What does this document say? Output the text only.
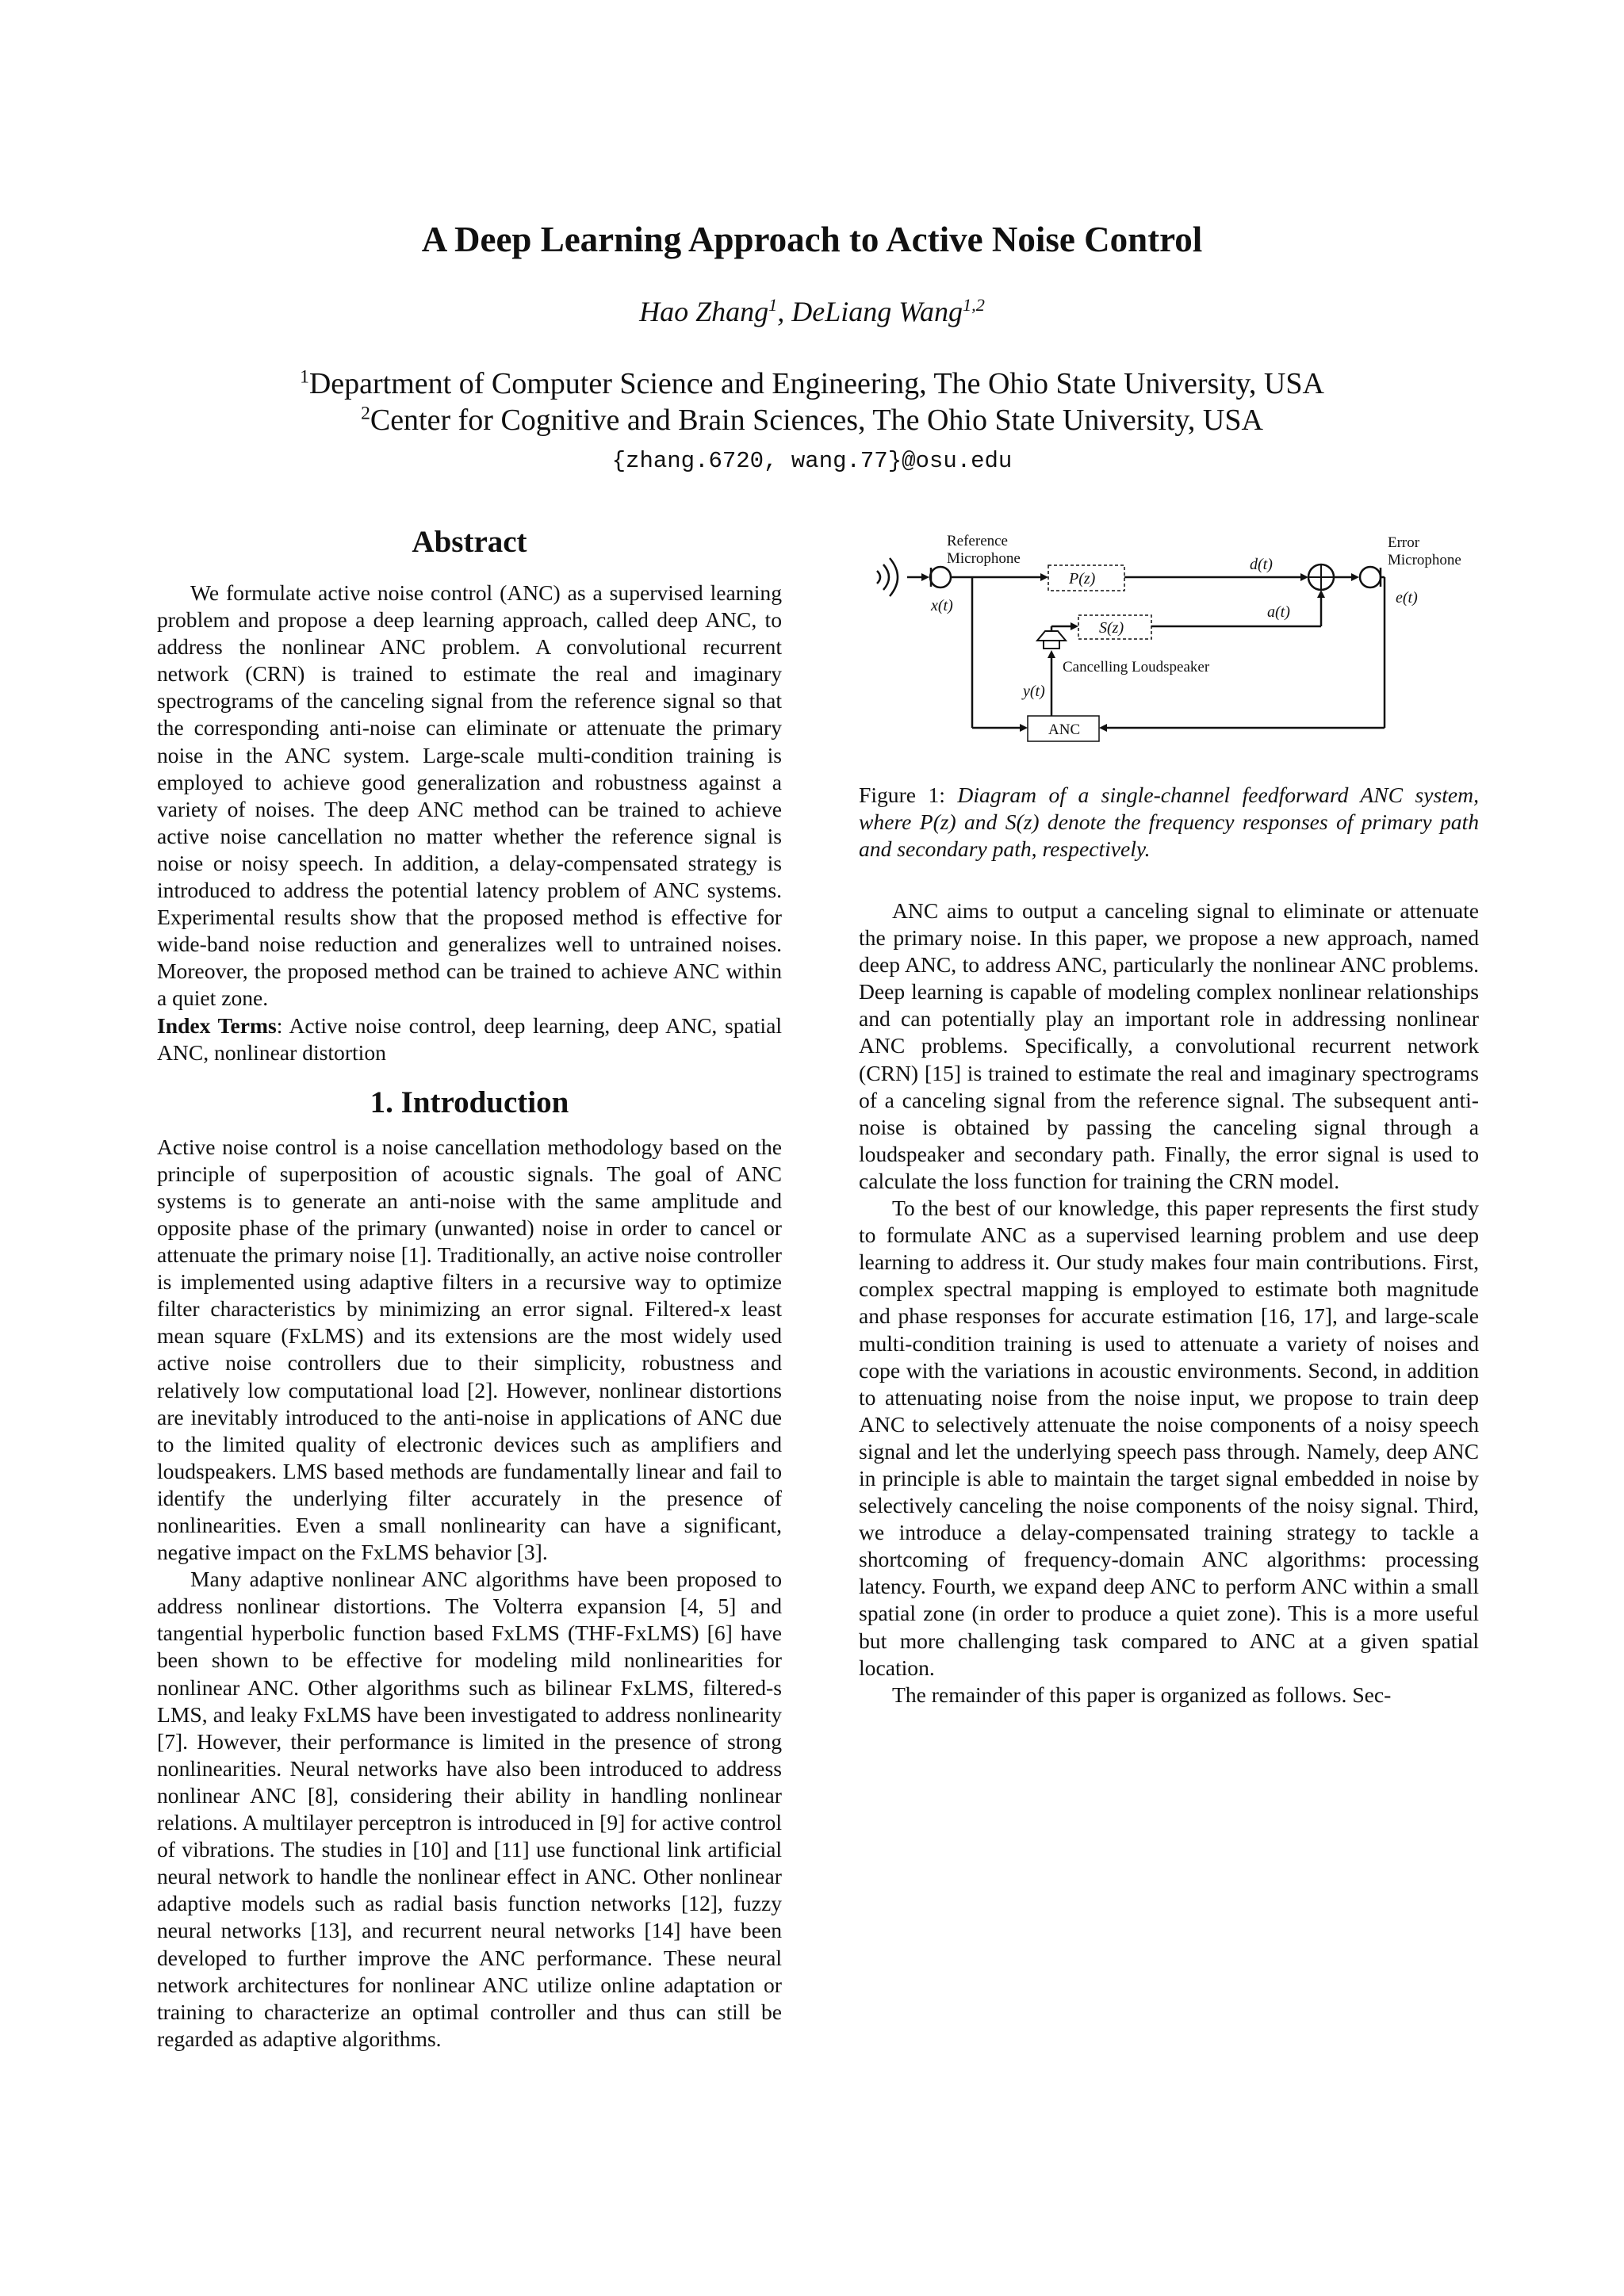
A Deep Learning Approach to Active Noise Control
Hao Zhang$^1$, DeLiang Wang$^{1,2}$
$^1$Department of Computer Science and Engineering, The Ohio State University, USA
$^2$Center for Cognitive and Brain Sciences, The Ohio State University, USA
{zhang.6720, wang.77}@osu.edu
Abstract

We formulate active noise control (ANC) as a supervised learning problem and propose a deep learning approach, called deep ANC, to address the nonlinear ANC problem. A convolutional recurrent network (CRN) is trained to estimate the real and imaginary spectrograms of the canceling signal from the reference signal so that the corresponding anti-noise can eliminate or attenuate the primary noise in the ANC system. Large-scale multi-condition training is employed to achieve good generalization and robustness against a variety of noises. The deep ANC method can be trained to achieve active noise cancellation no matter whether the reference signal is noise or noisy speech. In addition, a delay-compensated strategy is introduced to address the potential latency problem of ANC systems. Experimental results show that the proposed method is effective for wide-band noise reduction and generalizes well to untrained noises. Moreover, the proposed method can be trained to achieve ANC within a quiet zone.

Index Terms: Active noise control, deep learning, deep ANC, spatial ANC, nonlinear distortion

1. Introduction

Active noise control is a noise cancellation methodology based on the principle of superposition of acoustic signals. The goal of ANC systems is to generate an anti-noise with the same amplitude and opposite phase of the primary (unwanted) noise in order to cancel or attenuate the primary noise [1]. Traditionally, an active noise controller is implemented using adaptive filters in a recursive way to optimize filter characteristics by minimizing an error signal. Filtered-x least mean square (FxLMS) and its extensions are the most widely used active noise controllers due to their simplicity, robustness and relatively low computational load [2]. However, nonlinear distortions are inevitably introduced to the anti-noise in applications of ANC due to the limited quality of electronic devices such as amplifiers and loudspeakers. LMS based methods are fundamentally linear and fail to identify the underlying filter accurately in the presence of nonlinearities. Even a small nonlinearity can have a significant, negative impact on the FxLMS behavior [3].

Many adaptive nonlinear ANC algorithms have been proposed to address nonlinear distortions. The Volterra expansion [4, 5] and tangential hyperbolic function based FxLMS (THF-FxLMS) [6] have been shown to be effective for modeling mild nonlinearities for nonlinear ANC. Other algorithms such as bilinear FxLMS, filtered-s LMS, and leaky FxLMS have been investigated to address nonlinearity [7]. However, their performance is limited in the presence of strong nonlinearities. Neural networks have also been introduced to address nonlinear ANC [8], considering their ability in handling nonlinear relations. A multilayer perceptron is introduced in [9] for active control of vibrations. The studies in [10] and [11] use functional link artificial neural network to handle the nonlinear effect in ANC. Other nonlinear adaptive models such as radial basis function networks [12], fuzzy neural networks [13], and recurrent neural networks [14] have been developed to further improve the ANC performance. These neural network architectures for nonlinear ANC utilize online adaptation or training to characterize an optimal controller and thus can still be regarded as adaptive algorithms.

Reference
Microphone
Error
Microphone
x(t)	e(t)
d(t)
a(t)
y(t)
P(z)
S(z)
Cancelling Loudspeaker
ANC
Figure 1: Diagram of a single-channel feedforward ANC system, where P(z) and S(z) denote the frequency responses of primary path and secondary path, respectively.

ANC aims to output a canceling signal to eliminate or attenuate the primary noise. In this paper, we propose a new approach, named deep ANC, to address ANC, particularly the nonlinear ANC problems. Deep learning is capable of modeling complex nonlinear relationships and can potentially play an important role in addressing nonlinear ANC problems. Specifically, a convolutional recurrent network (CRN) [15] is trained to estimate the real and imaginary spectrograms of a canceling signal from the reference signal. The subsequent anti-noise is obtained by passing the canceling signal through a loudspeaker and secondary path. Finally, the error signal is used to calculate the loss function for training the CRN model.

To the best of our knowledge, this paper represents the first study to formulate ANC as a supervised learning problem and use deep learning to address it. Our study makes four main contributions. First, complex spectral mapping is employed to estimate both magnitude and phase responses for accurate estimation [16, 17], and large-scale multi-condition training is used to attenuate a variety of noises and cope with the variations in acoustic environments. Second, in addition to attenuating noise from the noise input, we propose to train deep ANC to selectively attenuate the noise components of a noisy speech signal and let the underlying speech pass through. Namely, deep ANC in principle is able to maintain the target signal embedded in noise by selectively canceling the noise components of the noisy signal. Third, we introduce a delay-compensated training strategy to tackle a shortcoming of frequency-domain ANC algorithms: processing latency. Fourth, we expand deep ANC to perform ANC within a small spatial zone (in order to produce a quiet zone). This is a more useful but more challenging task compared to ANC at a given spatial location.

The remainder of this paper is organized as follows. Sec-
